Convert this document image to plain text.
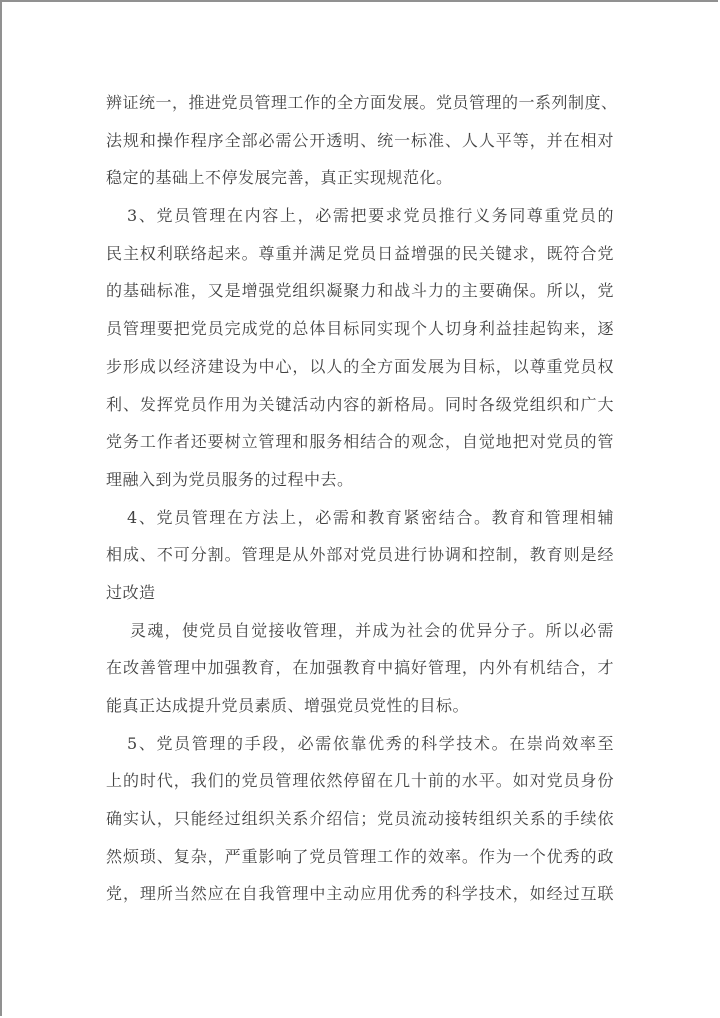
辨证统一，推进党员管理工作的全方面发展。党员管理的一系列制度、
法规和操作程序全部必需公开透明、统一标准、人人平等，并在相对
稳定的基础上不停发展完善，真正实现规范化。
3、党员管理在内容上，必需把要求党员推行义务同尊重党员的
民主权利联络起来。尊重并满足党员日益增强的民关键求，既符合党
的基础标准，又是增强党组织凝聚力和战斗力的主要确保。所以，党
员管理要把党员完成党的总体目标同实现个人切身利益挂起钩来，逐
步形成以经济建设为中心，以人的全方面发展为目标，以尊重党员权
利、发挥党员作用为关键活动内容的新格局。同时各级党组织和广大
党务工作者还要树立管理和服务相结合的观念，自觉地把对党员的管
理融入到为党员服务的过程中去。
4、党员管理在方法上，必需和教育紧密结合。教育和管理相辅
相成、不可分割。管理是从外部对党员进行协调和控制，教育则是经
过改造
灵魂，使党员自觉接收管理，并成为社会的优异分子。所以必需
在改善管理中加强教育，在加强教育中搞好管理，内外有机结合，才
能真正达成提升党员素质、增强党员党性的目标。
5、党员管理的手段，必需依靠优秀的科学技术。在崇尚效率至
上的时代，我们的党员管理依然停留在几十前的水平。如对党员身份
确实认，只能经过组织关系介绍信；党员流动接转组织关系的手续依
然烦琐、复杂，严重影响了党员管理工作的效率。作为一个优秀的政
党，理所当然应在自我管理中主动应用优秀的科学技术，如经过互联
